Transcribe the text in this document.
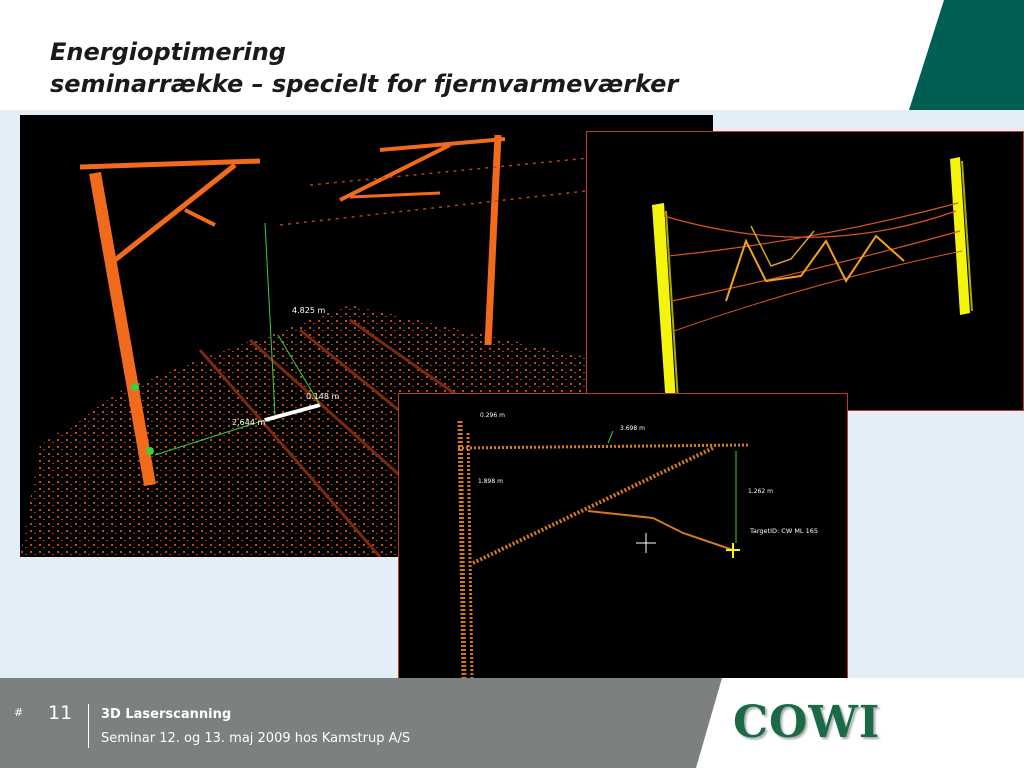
Energioptimering
seminarrække – specielt for fjernvarmeværker
4.825 m
0.148 m
2.644 m
0.296 m
3.698 m
1.898 m
1.262 m
TargetID: CW ML 165
# 11 3D Laserscanning
Seminar 12. og 13. maj 2009 hos Kamstrup A/S	COWI
